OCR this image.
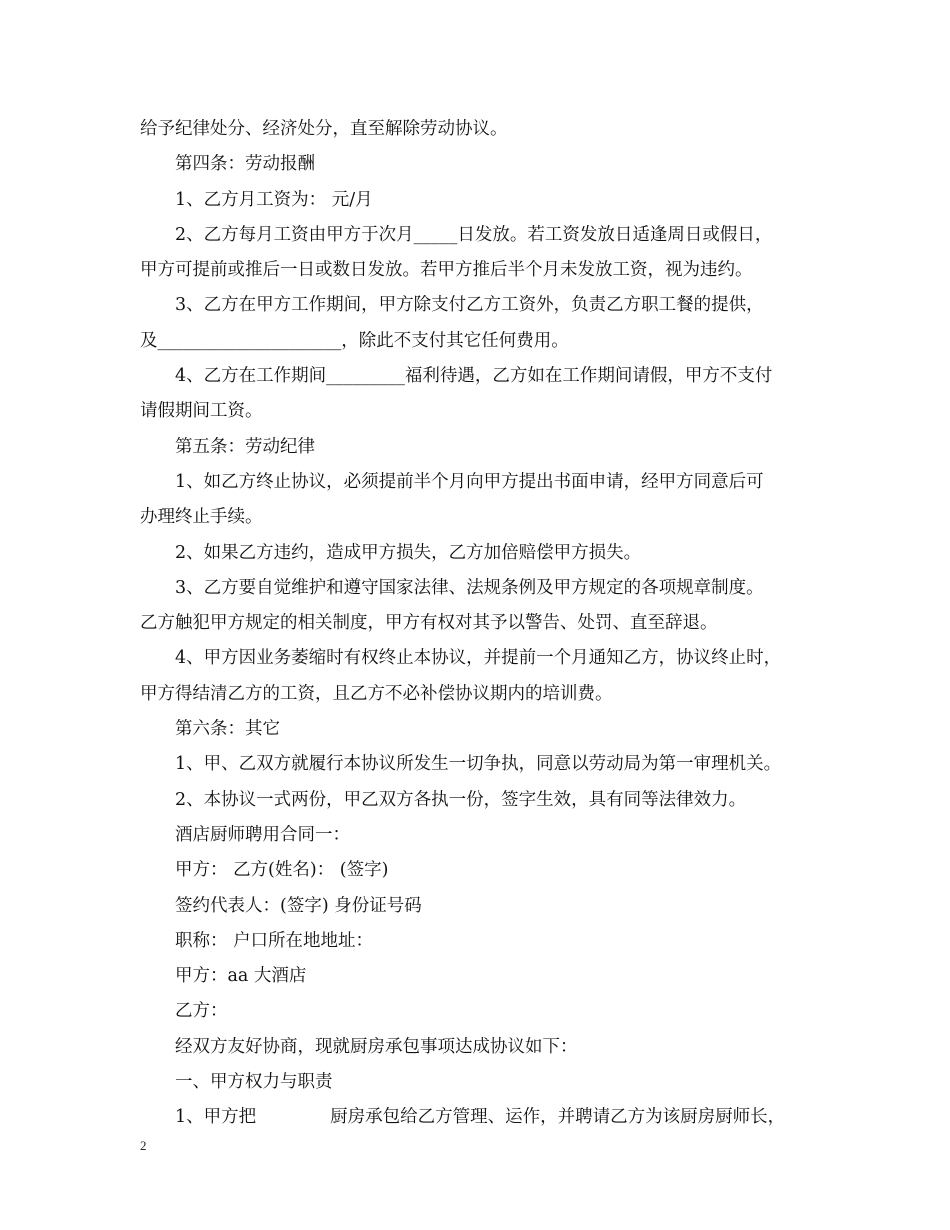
给予纪律处分、经济处分，直至解除劳动协议。
第四条：劳动报酬
1、乙方月工资为： 元/月
2、乙方每月工资由甲方于次月_____日发放。若工资发放日适逢周日或假日，
甲方可提前或推后一日或数日发放。若甲方推后半个月未发放工资，视为违约。
3、乙方在甲方工作期间，甲方除支付乙方工资外，负责乙方职工餐的提供，
及_____________________，除此不支付其它任何费用。
4、乙方在工作期间_________福利待遇，乙方如在工作期间请假，甲方不支付
请假期间工资。
第五条：劳动纪律
1、如乙方终止协议，必须提前半个月向甲方提出书面申请，经甲方同意后可
办理终止手续。
2、如果乙方违约，造成甲方损失，乙方加倍赔偿甲方损失。
3、乙方要自觉维护和遵守国家法律、法规条例及甲方规定的各项规章制度。
乙方触犯甲方规定的相关制度，甲方有权对其予以警告、处罚、直至辞退。
4、甲方因业务萎缩时有权终止本协议，并提前一个月通知乙方，协议终止时，
甲方得结清乙方的工资，且乙方不必补偿协议期内的培训费。
第六条：其它
1、甲、乙双方就履行本协议所发生一切争执，同意以劳动局为第一审理机关。
2、本协议一式两份，甲乙双方各执一份，签字生效，具有同等法律效力。
酒店厨师聘用合同一：
甲方： 乙方(姓名)： (签字)
签约代表人：(签字) 身份证号码
职称： 户口所在地地址：
甲方：aa 大酒店
乙方：
经双方友好协商，现就厨房承包事项达成协议如下：
一、甲方权力与职责
1、甲方把	厨房承包给乙方管理、运作，并聘请乙方为该厨房厨师长，
2
